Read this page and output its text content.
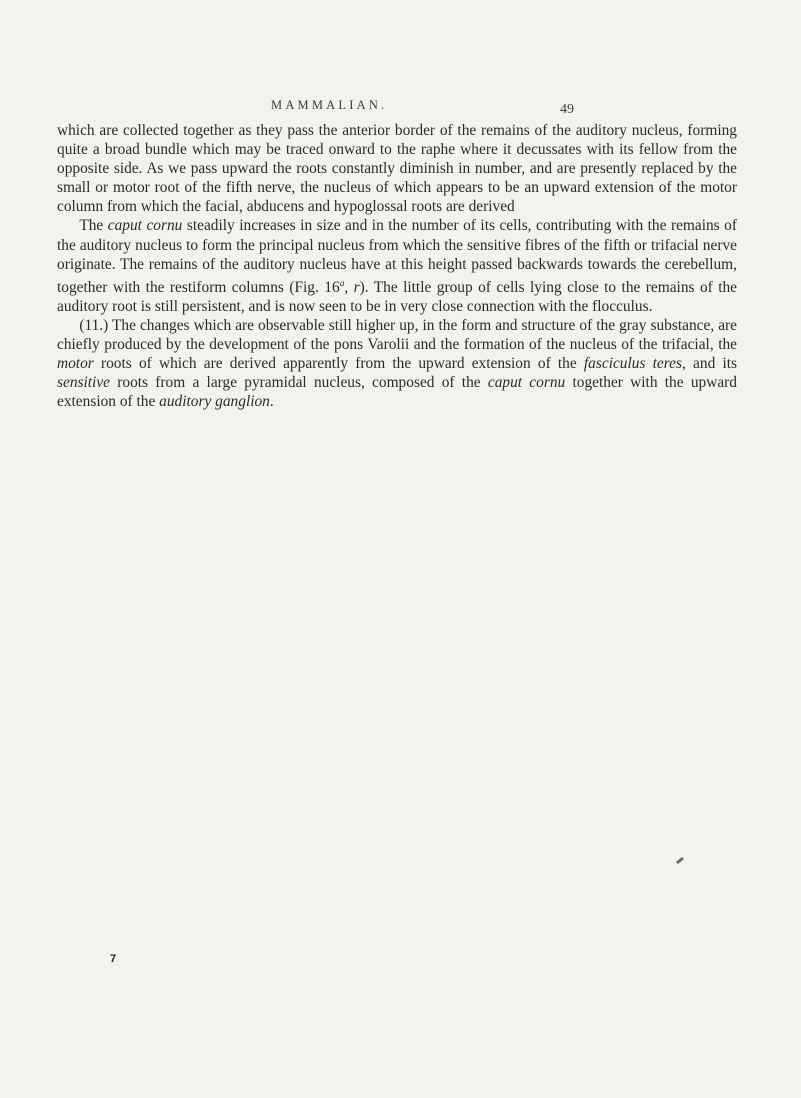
MAMMALIAN.	49

which are collected together as they pass the anterior border of the remains of the auditory nucleus, forming quite a broad bundle which may be traced onward to the raphe where it decussates with its fellow from the opposite side. As we pass upward the roots constantly diminish in number, and are presently replaced by the small or motor root of the fifth nerve, the nucleus of which appears to be an upward extension of the motor column from which the facial, abducens and hypoglossal roots are derived

The caput cornu steadily increases in size and in the number of its cells, contributing with the remains of the auditory nucleus to form the principal nucleus from which the sensitive fibres of the fifth or trifacial nerve originate. The remains of the auditory nucleus have at this height passed backwards towards the cerebellum, together with the restiform columns (Fig. 16$^a$, r). The little group of cells lying close to the remains of the auditory root is still persistent, and is now seen to be in very close connection with the flocculus.

(11.) The changes which are observable still higher up, in the form and structure of the gray substance, are chiefly produced by the development of the pons Varolii and the formation of the nucleus of the trifacial, the motor roots of which are derived apparently from the upward extension of the fasciculus teres, and its sensitive roots from a large pyramidal nucleus, composed of the caput cornu together with the upward extension of the auditory ganglion.

7
